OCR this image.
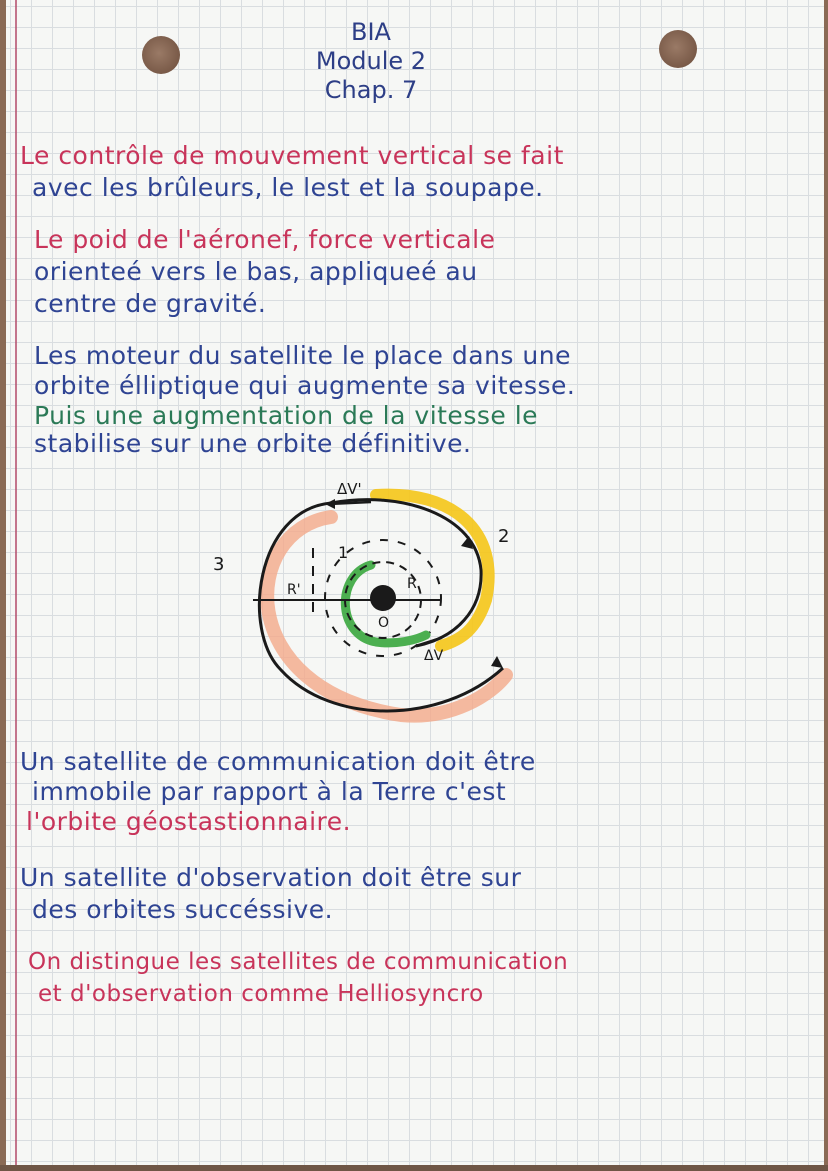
BIA
Module 2
Chap. 7

Le contrôle de mouvement vertical se fait

avec les brûleurs, le lest et la soupape.

Le poid de l'aéronef, force verticale

orienteé vers le bas, appliqueé au

centre de gravité.

Les moteur du satellite le place dans une

orbite élliptique qui augmente sa vitesse.

Puis une augmentation de la vitesse le

stabilise sur une orbite définitive.

ΔV'
ΔV
1
2
3
R'	R
O

Un satellite de communication doit être

immobile par rapport à la Terre c'est

l'orbite géostastionnaire.

Un satellite d'observation doit être sur

des orbites succéssive.

On distingue les satellites de communication

et d'observation comme Helliosyncro
